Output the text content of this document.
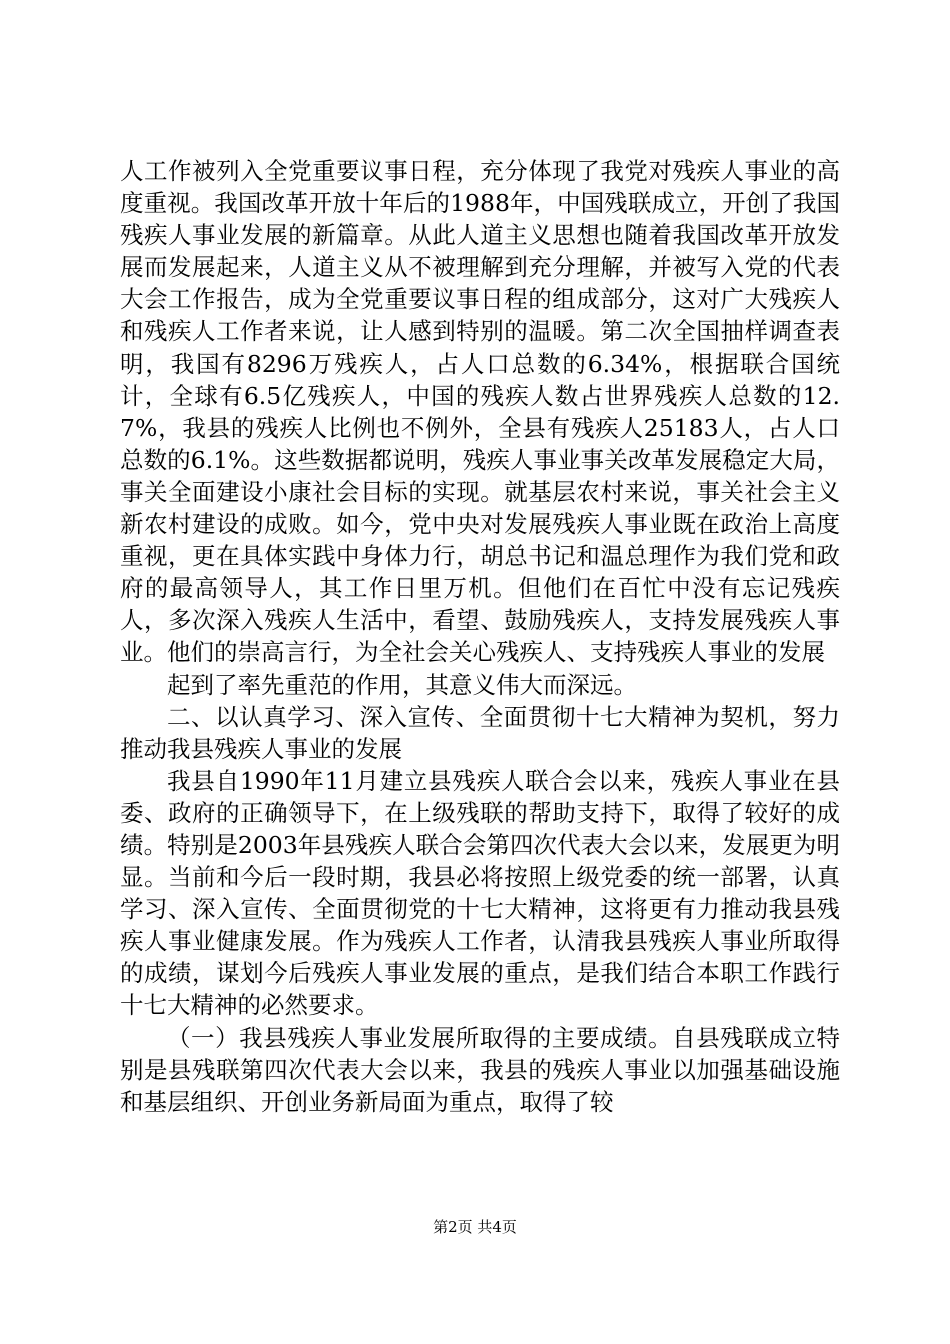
人工作被列入全党重要议事日程，充分体现了我党对残疾人事业的高度重视。我国改革开放十年后的1988年，中国残联成立，开创了我国残疾人事业发展的新篇章。从此人道主义思想也随着我国改革开放发展而发展起来，人道主义从不被理解到充分理解，并被写入党的代表大会工作报告，成为全党重要议事日程的组成部分，这对广大残疾人和残疾人工作者来说，让人感到特别的温暖。第二次全国抽样调查表明，我国有8296万残疾人，占人口总数的6.34%，根据联合国统计，全球有6.5亿残疾人，中国的残疾人数占世界残疾人总数的12.7%，我县的残疾人比例也不例外，全县有残疾人25183人，占人口总数的6.1%。这些数据都说明，残疾人事业事关改革发展稳定大局，事关全面建设小康社会目标的实现。就基层农村来说，事关社会主义新农村建设的成败。如今，党中央对发展残疾人事业既在政治上高度重视，更在具体实践中身体力行，胡总书记和温总理作为我们党和政府的最高领导人，其工作日里万机。但他们在百忙中没有忘记残疾人，多次深入残疾人生活中，看望、鼓励残疾人，支持发展残疾人事业。他们的崇高言行，为全社会关心残疾人、支持残疾人事业的发展

起到了率先重范的作用，其意义伟大而深远。

二、以认真学习、深入宣传、全面贯彻十七大精神为契机，努力推动我县残疾人事业的发展

我县自1990年11月建立县残疾人联合会以来，残疾人事业在县委、政府的正确领导下，在上级残联的帮助支持下，取得了较好的成绩。特别是2003年县残疾人联合会第四次代表大会以来，发展更为明显。当前和今后一段时期，我县必将按照上级党委的统一部署，认真学习、深入宣传、全面贯彻党的十七大精神，这将更有力推动我县残疾人事业健康发展。作为残疾人工作者，认清我县残疾人事业所取得的成绩，谋划今后残疾人事业发展的重点，是我们结合本职工作践行十七大精神的必然要求。

（一）我县残疾人事业发展所取得的主要成绩。自县残联成立特别是县残联第四次代表大会以来，我县的残疾人事业以加强基础设施和基层组织、开创业务新局面为重点，取得了较

第2页 共4页
